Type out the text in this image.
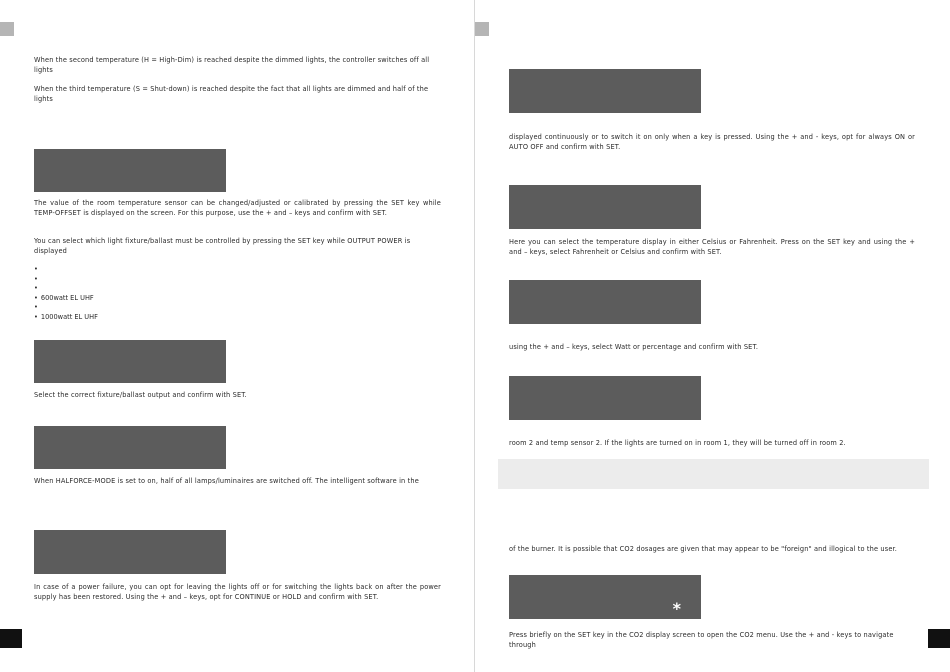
When the second temperature (H = High-Dim) is reached despite the dimmed lights, the controller switches off all lights

When the third temperature (S = Shut-down) is reached despite the fact that all lights are dimmed and half of the lights

The value of the room temperature sensor can be changed/adjusted or calibrated by pressing the SET key while TEMP-OFFSET is displayed on the screen. For this purpose, use the + and – keys and confirm with SET.

You can select which light fixture/ballast must be controlled by pressing the SET key while OUTPUT POWER is displayed

•
•
•
• 600watt EL UHF
•
• 1000watt EL UHF

Select the correct fixture/ballast output and confirm with SET.

When HALFORCE-MODE is set to on, half of all lamps/luminaires are switched off. The intelligent software in the

In case of a power failure, you can opt for leaving the lights off or for switching the lights back on after the power supply has been restored. Using the + and – keys, opt for CONTINUE or HOLD and confirm with SET.

displayed continuously or to switch it on only when a key is pressed. Using the + and - keys, opt for always ON or AUTO OFF and confirm with SET.

Here you can select the temperature display in either Celsius or Fahrenheit. Press on the SET key and using the + and – keys, select Fahrenheit or Celsius and confirm with SET.

using the + and – keys, select Watt or percentage and confirm with SET.

room 2 and temp sensor 2. If the lights are turned on in room 1, they will be turned off in room 2.

of the burner. It is possible that CO2 dosages are given that may appear to be "foreign" and illogical to the user.

*

Press briefly on the SET key in the CO2 display screen to open the CO2 menu. Use the + and - keys to navigate through
